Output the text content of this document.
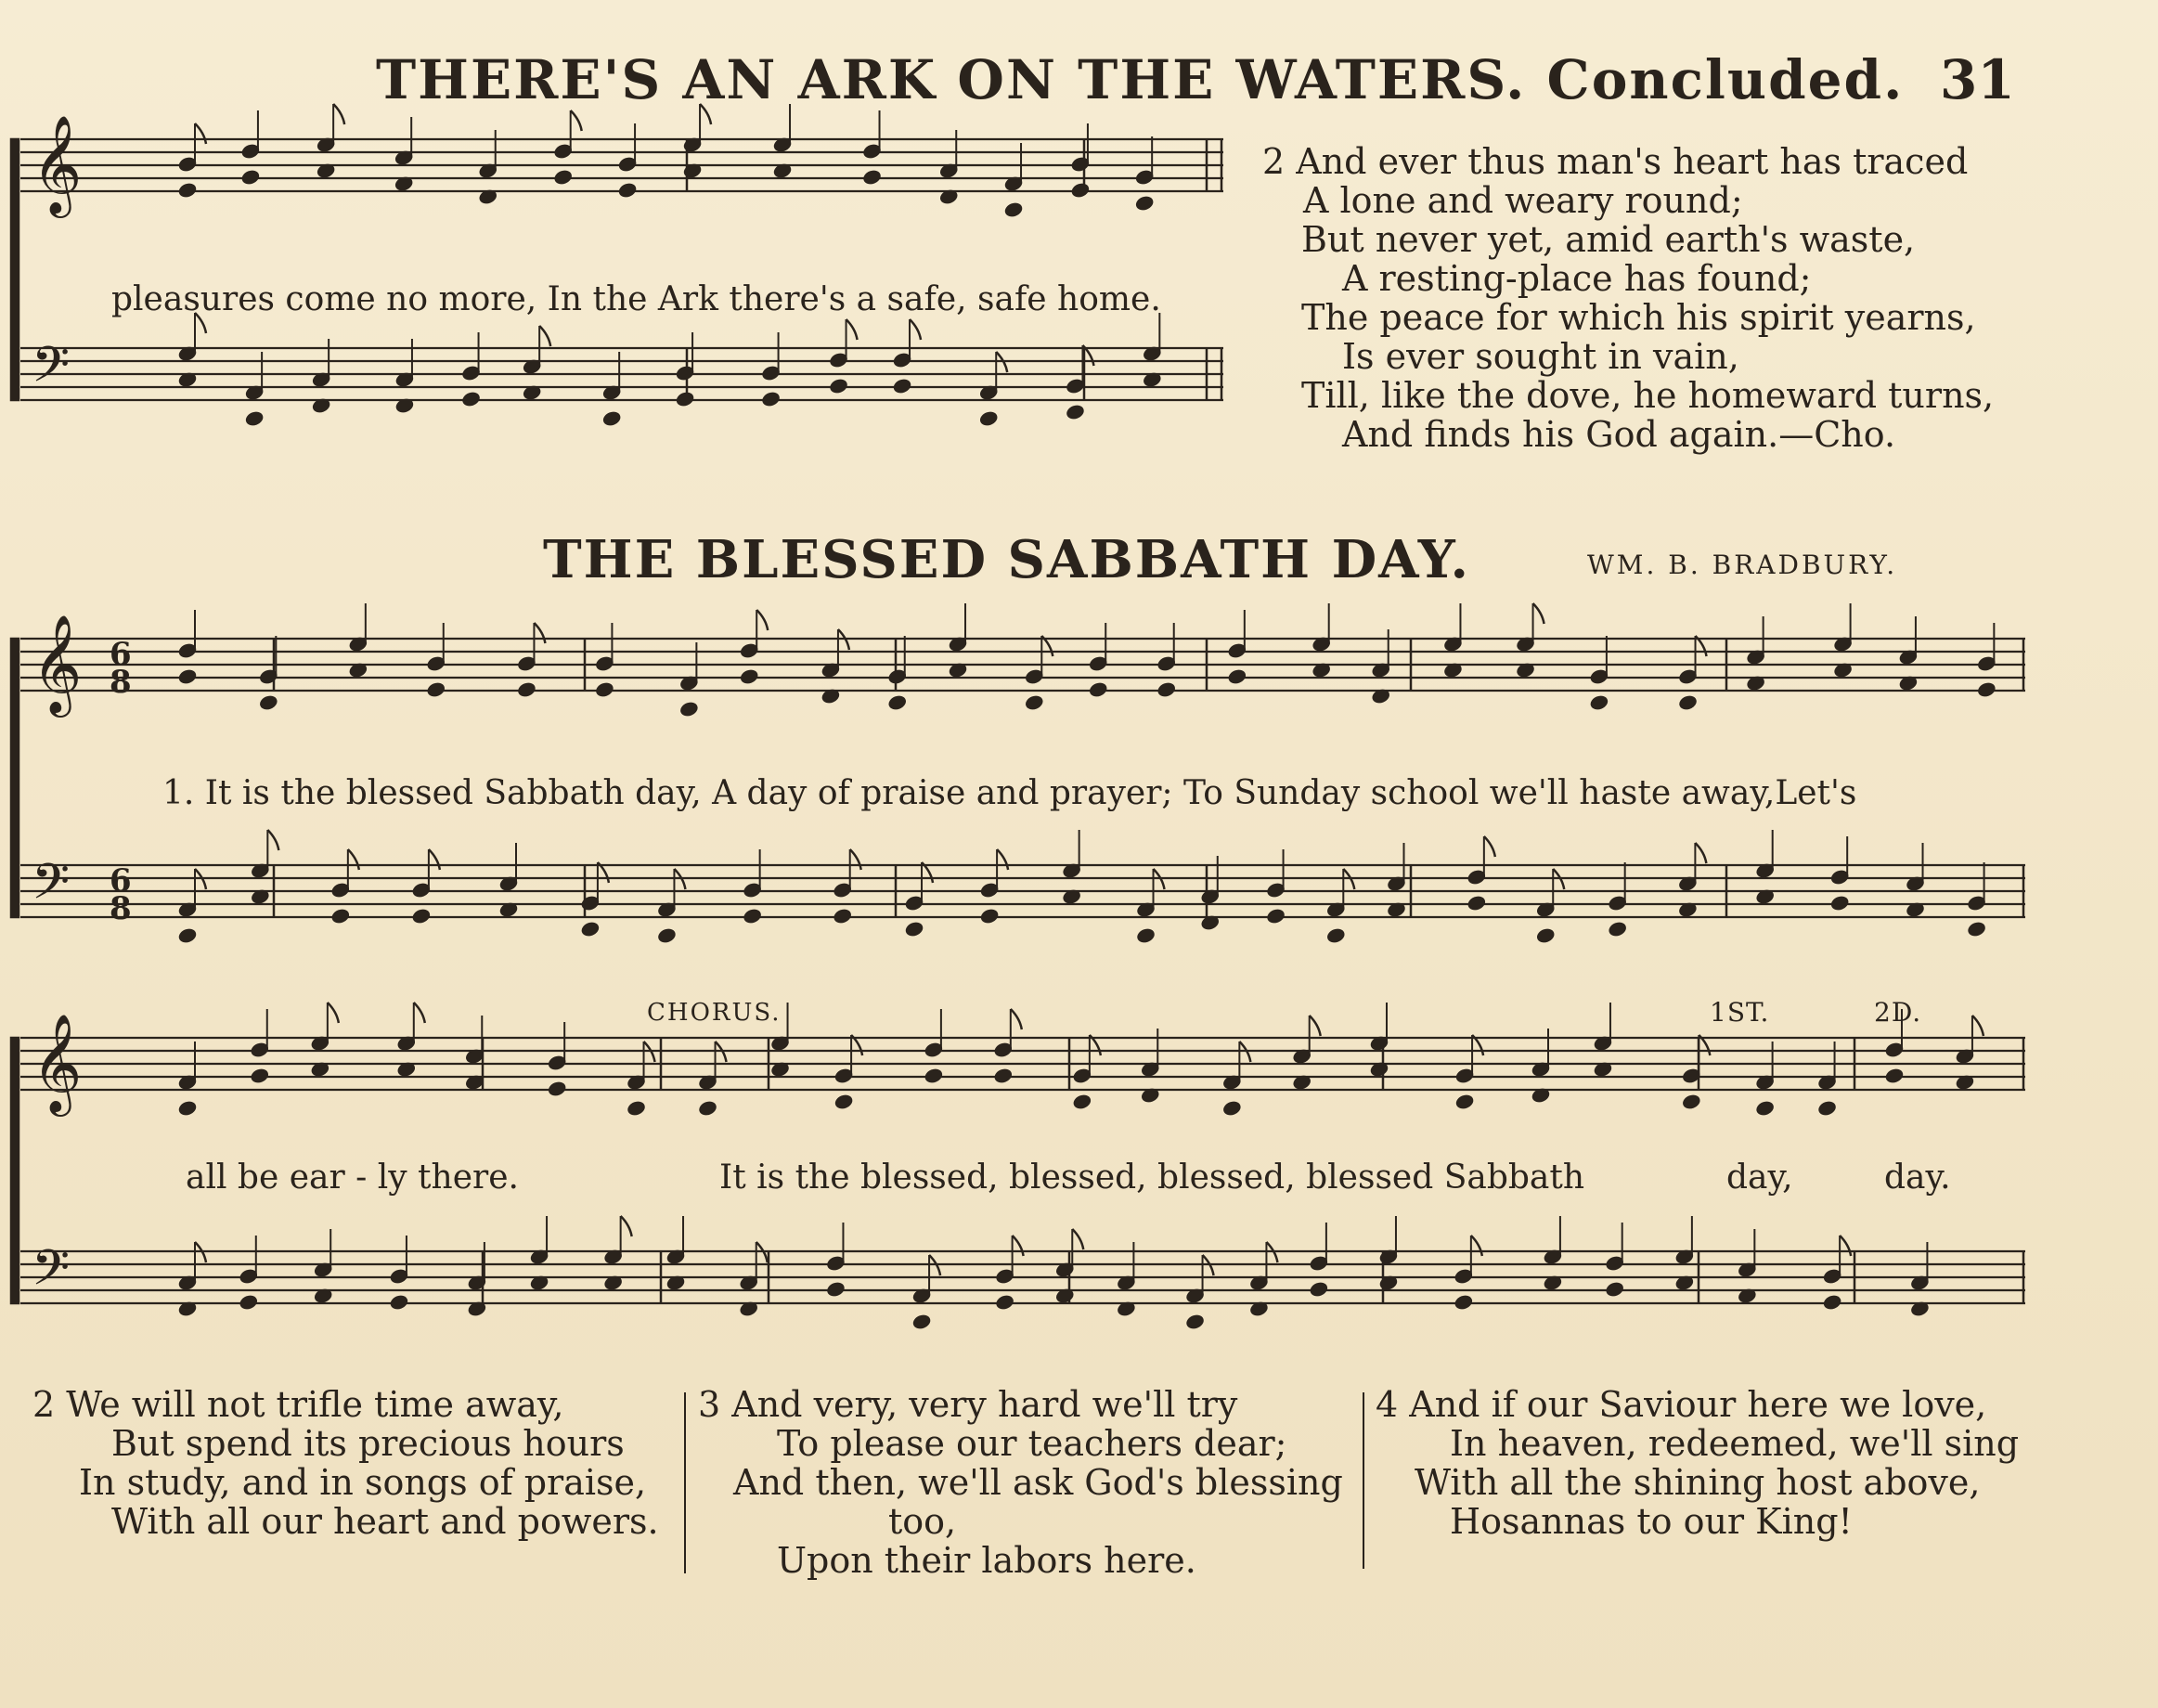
THERE'S AN ARK ON THE WATERS. Concluded. 31
𝄞
𝄢
𝄞
𝄢
𝄞
𝄢
6
8
6
8
pleasures come no more, In the Ark there's a safe, safe home.
2 And ever thus man's heart has traced
A lone and weary round;
But never yet, amid earth's waste,
A resting-place has found;
The peace for which his spirit yearns,
Is ever sought in vain,
Till, like the dove, he homeward turns,
And finds his God again.—Cho.
THE BLESSED SABBATH DAY.	WM. B. BRADBURY.
1. It is the blessed Sabbath day, A day of praise and prayer; To Sunday school we'll haste away,Let's
all be ear - ly there.
CHORUS.
It is the blessed, blessed, blessed, blessed Sabbath
1ST.	2D.
day,	day.
2 We will not trifle time away,
But spend its precious hours
In study, and in songs of praise,
With all our heart and powers.
3 And very, very hard we'll try
To please our teachers dear;
And then, we'll ask God's blessing
too,
Upon their labors here.
4 And if our Saviour here we love,
In heaven, redeemed, we'll sing
With all the shining host above,
Hosannas to our King!
